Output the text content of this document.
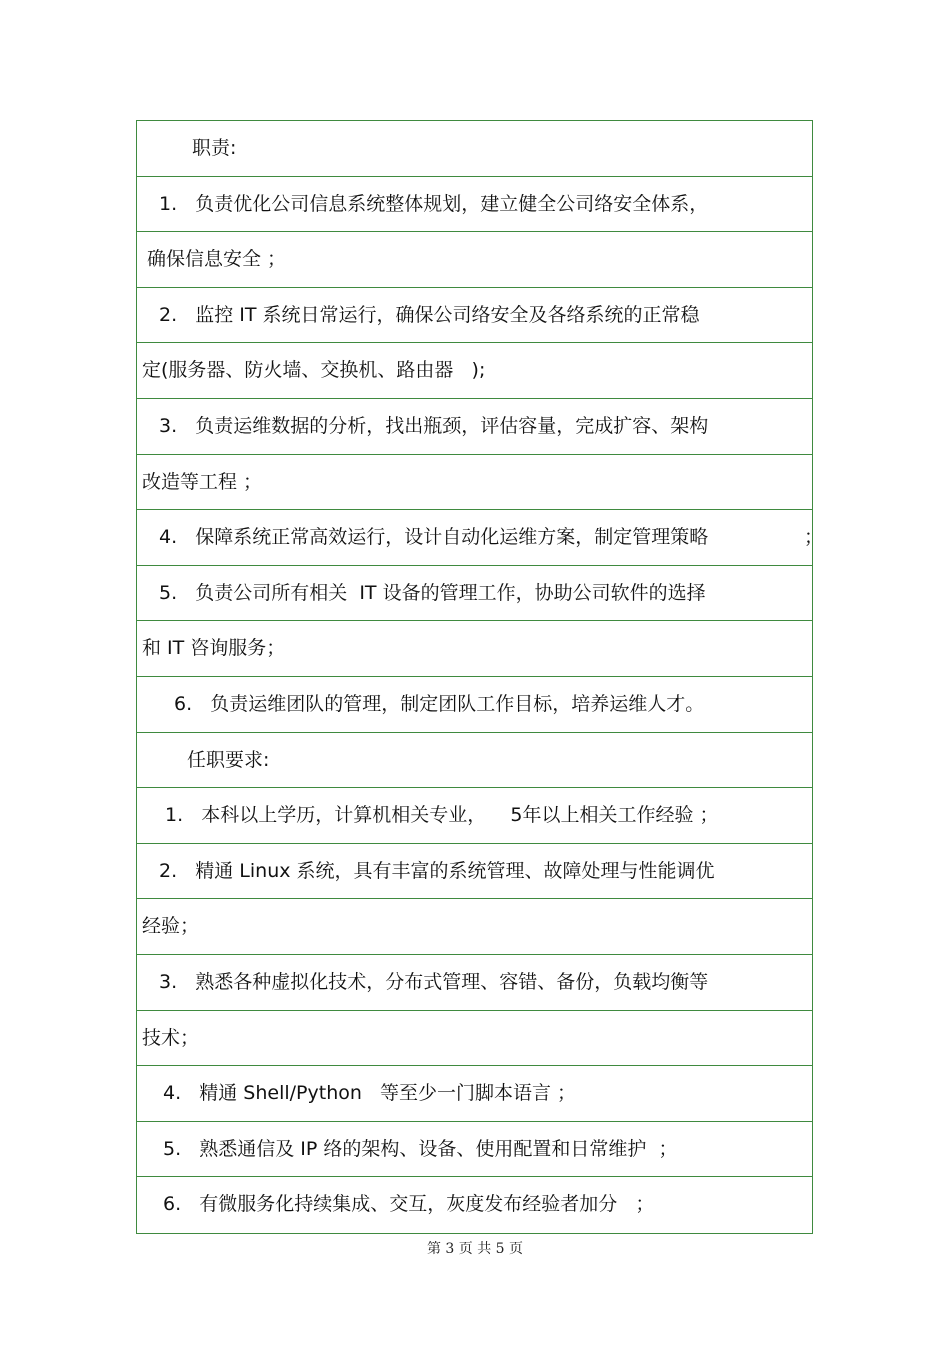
职责:
1.   负责优化公司信息系统整体规划，建立健全公司络安全体系，
确保信息安全 ；
2.   监控 IT 系统日常运行，确保公司络安全及各络系统的正常稳
定(服务器、防火墙、交换机、路由器   );
3.   负责运维数据的分析，找出瓶颈，评估容量，完成扩容、架构
改造等工程 ；
4.   保障系统正常高效运行，设计自动化运维方案，制定管理策略	；
5.   负责公司所有相关  IT 设备的管理工作，协助公司软件的选择
和 IT 咨询服务；
6.   负责运维团队的管理，制定团队工作目标，培养运维人才。
任职要求:
1.   本科以上学历，计算机相关专业，    5年以上相关工作经验 ；
2.   精通 Linux 系统，具有丰富的系统管理、故障处理与性能调优
经验；
3.   熟悉各种虚拟化技术，分布式管理、容错、备份，负载均衡等
技术；
4.   精通 Shell/Python   等至少一门脚本语言 ；
5.   熟悉通信及 IP 络的架构、设备、使用配置和日常维护  ；
6.   有微服务化持续集成、交互，灰度发布经验者加分   ；
第 3 页 共 5 页
